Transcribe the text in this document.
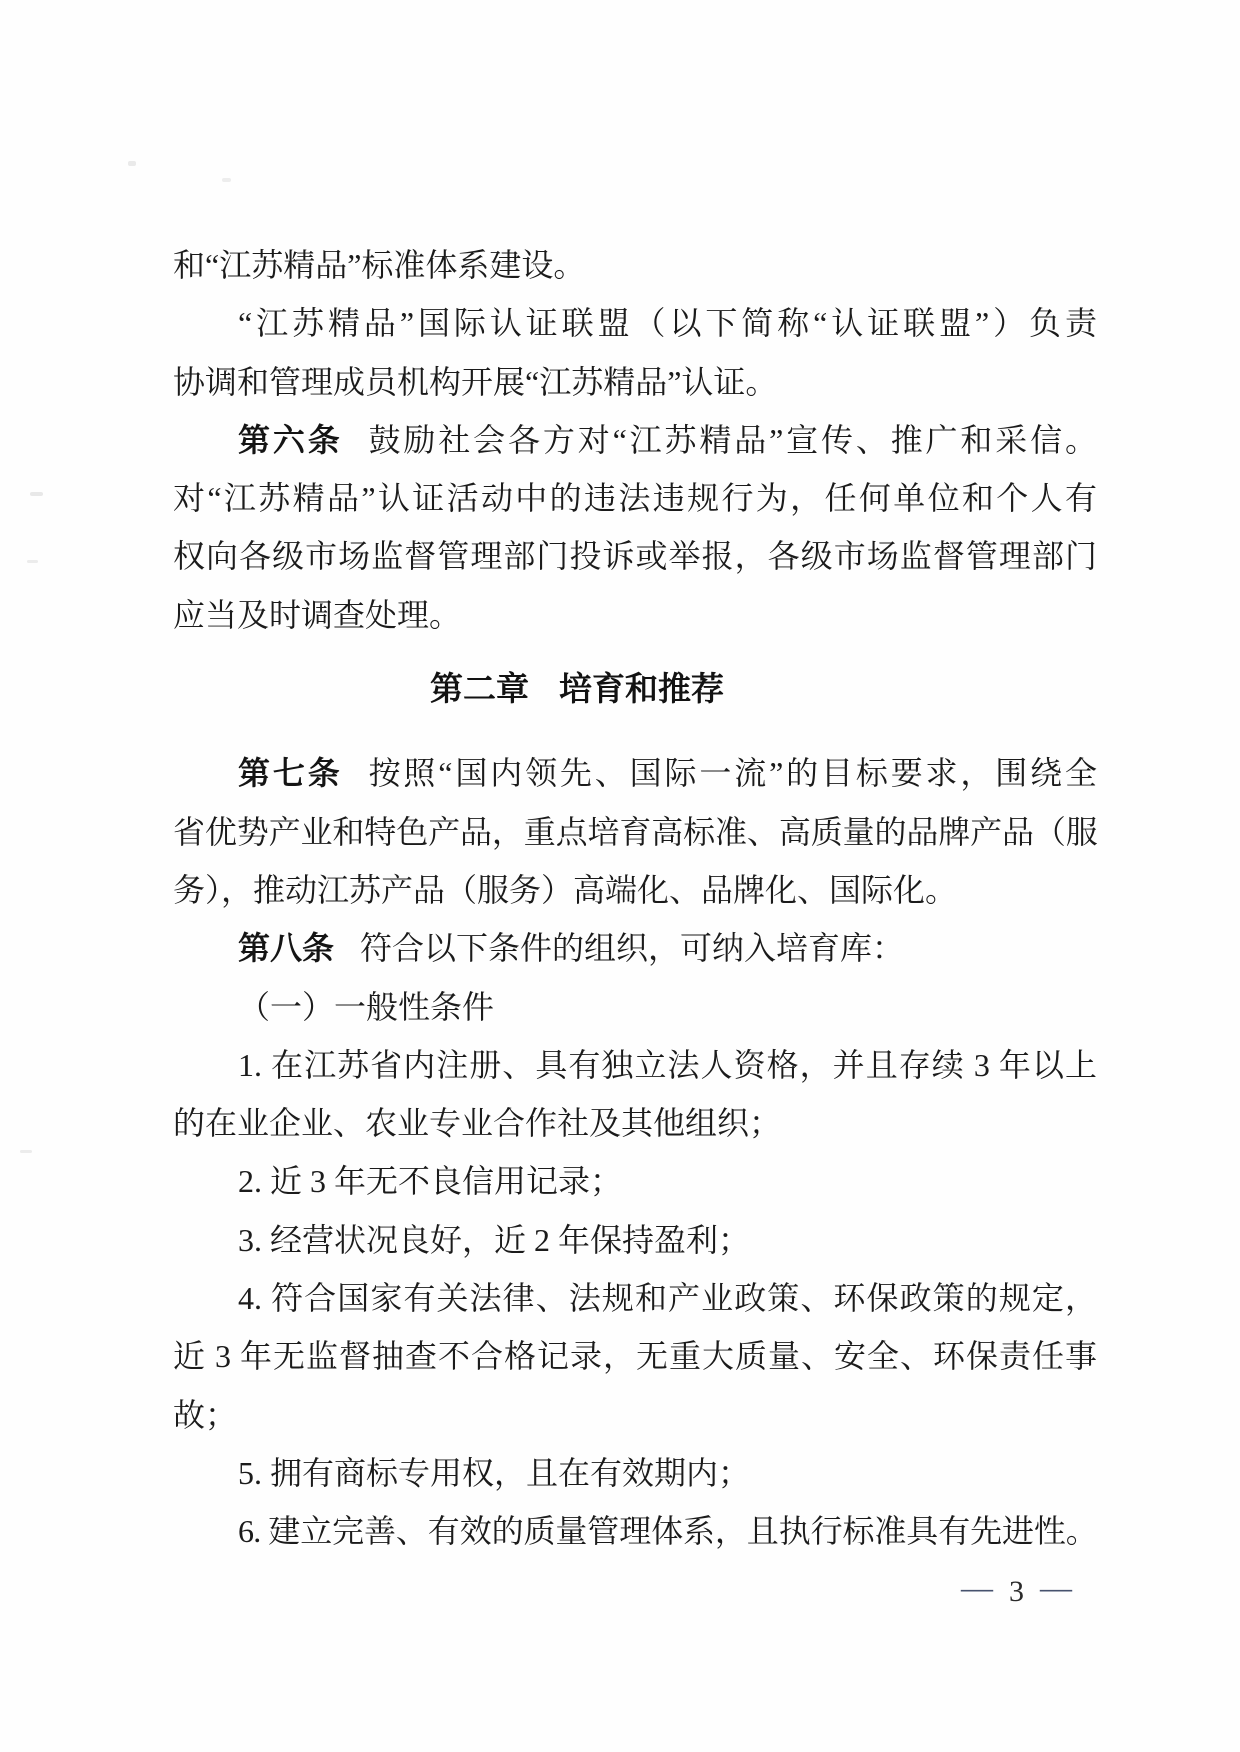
和“江苏精品”标准体系建设。
“江苏精品”国际认证联盟（以下简称“认证联盟”）负责
协调和管理成员机构开展“江苏精品”认证。
第六条 鼓励社会各方对“江苏精品”宣传、推广和采信。
对“江苏精品”认证活动中的违法违规行为，任何单位和个人有
权向各级市场监督管理部门投诉或举报，各级市场监督管理部门
应当及时调查处理。
第二章 培育和推荐
第七条 按照“国内领先、国际一流”的目标要求，围绕全
省优势产业和特色产品，重点培育高标准、高质量的品牌产品（服
务），推动江苏产品（服务）高端化、品牌化、国际化。
第八条 符合以下条件的组织，可纳入培育库：
（一）一般性条件
1. 在江苏省内注册、具有独立法人资格，并且存续 3 年以上
的在业企业、农业专业合作社及其他组织；
2. 近 3 年无不良信用记录；
3. 经营状况良好，近 2 年保持盈利；
4. 符合国家有关法律、法规和产业政策、环保政策的规定，
近 3 年无监督抽查不合格记录，无重大质量、安全、环保责任事
故；
5. 拥有商标专用权，且在有效期内；
6. 建立完善、有效的质量管理体系，且执行标准具有先进性。
— 3 —
